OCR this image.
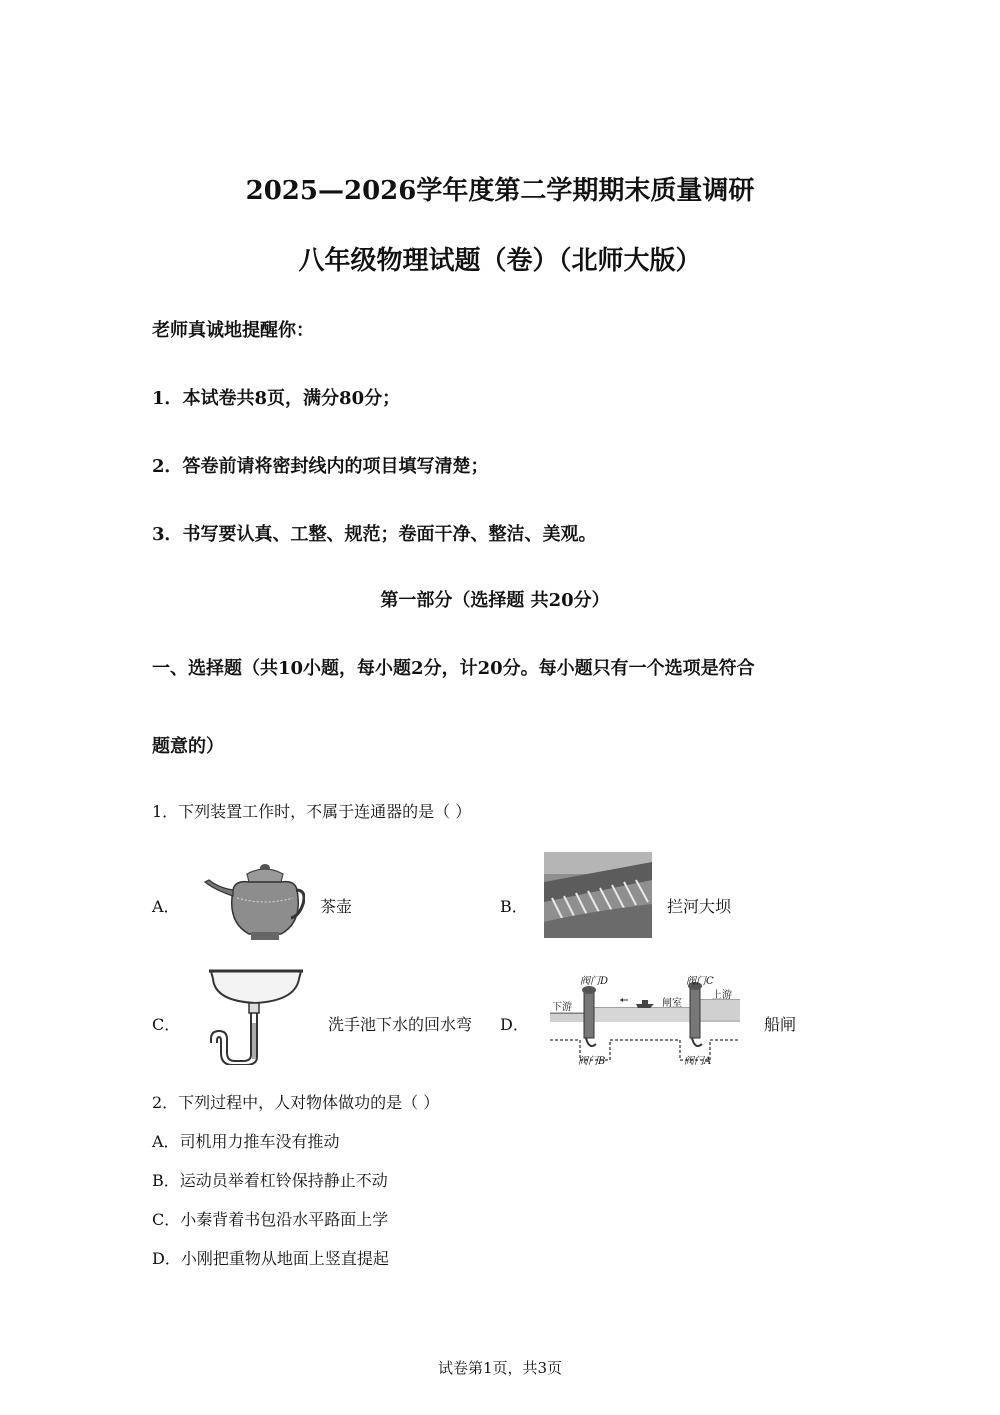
2025—2026学年度第二学期期末质量调研
八年级物理试题（卷）（北师大版）
老师真诚地提醒你：
1．本试卷共8页，满分80分；
2．答卷前请将密封线内的项目填写清楚；
3．书写要认真、工整、规范；卷面干净、整洁、美观。
第一部分（选择题 共20分）
一、选择题（共10小题，每小题2分，计20分。每小题只有一个选项是符合
题意的）
1．下列装置工作时，不属于连通器的是（ ）
A．	茶壶	B．	拦河大坝
C．	洗手池下水的回水弯 D．
阀门D	阀门C
下游
上游
闸室
阀门B	阀门A
船闸
2．下列过程中，人对物体做功的是（ ）
A．司机用力推车没有推动
B．运动员举着杠铃保持静止不动
C．小秦背着书包沿水平路面上学
D．小刚把重物从地面上竖直提起
试卷第1页，共3页
